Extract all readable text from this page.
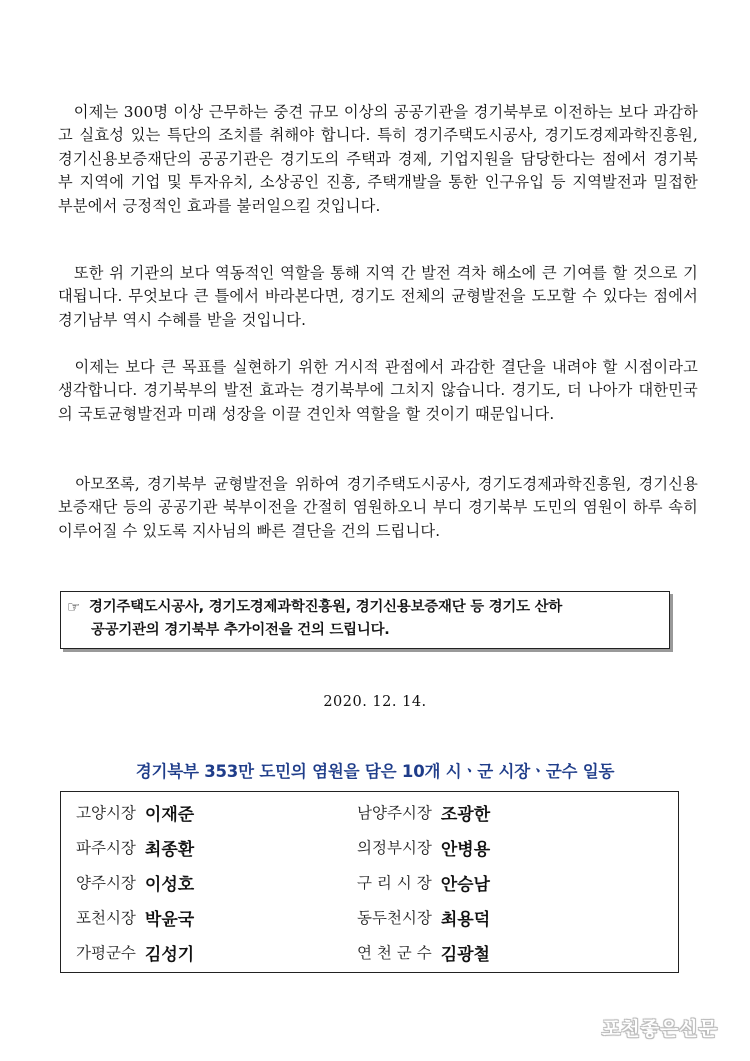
　이제는 300명 이상 근무하는 중견 규모 이상의 공공기관을 경기북부로 이전하는 보다 과감하고 실효성 있는 특단의 조치를 취해야 합니다. 특히 경기주택도시공사, 경기도경제과학진흥원, 경기신용보증재단의 공공기관은 경기도의 주택과 경제, 기업지원을 담당한다는 점에서 경기북부 지역에 기업 및 투자유치, 소상공인 진흥, 주택개발을 통한 인구유입 등 지역발전과 밀접한 부분에서 긍정적인 효과를 불러일으킬 것입니다.

　또한 위 기관의 보다 역동적인 역할을 통해 지역 간 발전 격차 해소에 큰 기여를 할 것으로 기대됩니다. 무엇보다 큰 틀에서 바라본다면, 경기도 전체의 균형발전을 도모할 수 있다는 점에서 경기남부 역시 수혜를 받을 것입니다.

　이제는 보다 큰 목표를 실현하기 위한 거시적 관점에서 과감한 결단을 내려야 할 시점이라고 생각합니다. 경기북부의 발전 효과는 경기북부에 그치지 않습니다. 경기도, 더 나아가 대한민국의 국토균형발전과 미래 성장을 이끌 견인차 역할을 할 것이기 때문입니다.

　아모쪼록, 경기북부 균형발전을 위하여 경기주택도시공사, 경기도경제과학진흥원, 경기신용보증재단 등의 공공기관 북부이전을 간절히 염원하오니 부디 경기북부 도민의 염원이 하루 속히 이루어질 수 있도록 지사님의 빠른 결단을 건의 드립니다.

☞ 경기주택도시공사, 경기도경제과학진흥원, 경기신용보증재단 등 경기도 산하
공공기관의 경기북부 추가이전을 건의 드립니다.
2020. 12. 14.
경기북부 353만 도민의 염원을 담은 10개 시ㆍ군 시장ㆍ군수 일동
고양시장 이재준	남양주시장 조광한
파주시장 최종환	의정부시장 안병용
양주시장 이성호	구 리 시 장 안승남
포천시장 박윤국	동두천시장 최용덕
가평군수 김성기	연 천 군 수 김광철
포천좋은신문
